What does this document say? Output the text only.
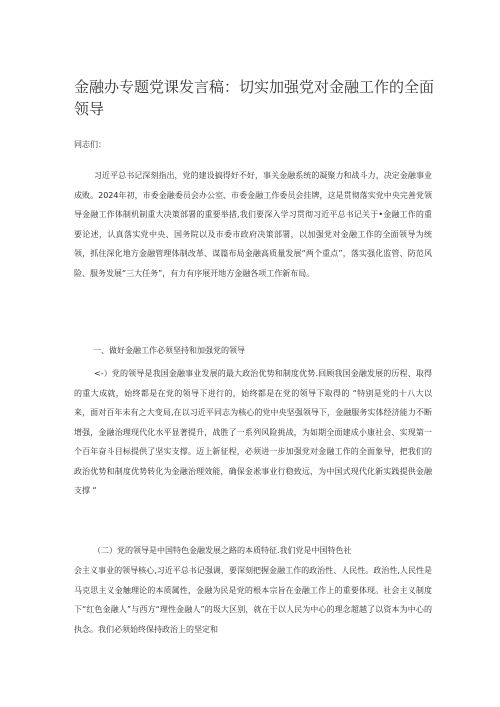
金融办专题党课发言稿：切实加强党对金融工作的全面领导

同志们：

习近平总书记深刻指出，党的建设搞得好不好，事关金融系统的凝聚力和战斗力，决定金融事业成败。2024年初，市委金融委员会办公室、市委金融工作委员会挂牌，这是贯彻落实党中央完善党领导金融工作体制机制重大决策部署的重要举措,我们要深入学习贯彻习近平总书记关于•金融工作的重要论述，认真落实党中央、国务院以及市委市政府决策部署，以加强党对金融工作的全面领导为统领，抓住深化地方金融管理体制改革、谋篇布局金融高质量发展“两个重点”，落实强化监管、防范风险、服务发展“三大任务”，有力有序展开地方金融各项工作新布局。

一、做好金融工作必须坚持和加强党的领导

<-）党的领导是我国金融事业发展的最大政治优势和制度优势.回顾我国金融发展的历程、取得的重大成就，始终都是在党的领导下进行的，始终都是在党的领导下取得的 “特别是党的十八大以来，面对百年未有之大变局,在以习近平同志为核心的党中央坚强领导下，金融服务实体经济能力不断增强，金融治理现代化水平显著提升，战胜了一系列风险挑战，为如期全面建成小康社会、实现第一个百年奋斗目标提供了坚实支撑。迈上新征程，必须进一步加强党对金融工作的全面象导，把我们的政治优势和制度优势转化为金融治理效能，确保金凇事业行稳致远，为中国式现代化新实践提供金融支撑 “

（二）党的领导是中国特色金融发展之路的本质特征.我们党是中国特色社

会主义事业的领导核心,习近平总书记强调，要深刻把握金融工作的政治性、人民性。政治性,人民性是马克思主义金触理论的本质属性，金融为民是党的根本宗旨在金融工作上的重要体现。社会主义制度下“红色金融人”与西方“理性金融人”的圾大区别，就在于以人民为中心的理念超越了以资本为中心的执念。我们必须始终保持政治上的坚定和
